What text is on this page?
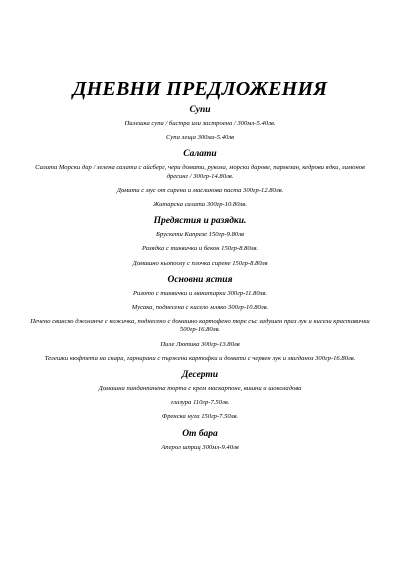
ДНЕВНИ ПРЕДЛОЖЕНИЯ
Супи

Пилешка супа / бистра или застроена / 300мл-5.40лв.

Супа леща 300мл-5.40лв

Салати

Салата Морски дар / зелена салата с айсберг, чери домати, рукола, морски дарове, пармезан, кедрови ядки, лимонов дресинг / 300гр-14.80лв.

Домати с мус от сирена и маслинова паста 300гр-12.80лв.

Житарска салата 300гр-10.80лв.

Предястия и разядки.

Брускети Капрезе 150гр-9.80лв

Разядка с тиквички и бекон 150гр-8.80лв.

Домашно кьопоолу с плочка сирене 150гр-8.80лв

Основни ястия

Ризото с тиквички и манатарки 300гр-11.80лв.

Мусака, поднесена с кисело мляко 300гр-10.80лв.

Печено свинско джоланче с кожичка, поднесено с домашно картофено пюре със задушен праз лук и кисели краставички 500гр-16.80лв.

Пиле Лютика 300гр-13.80лв

Телешки кюфтета на скара, гарнирани с пържени картофки и домати с червен лук и магданоз 300гр-16.80лв.

Десерти

Домашна панданпанена торта с крем маскарпоне, вишни и шоколадова

глазура 110гр-7.50лв.

Френска нуга 150гр-7.50лв.

От бара

Аперол шприц 300мл-9.40лв
